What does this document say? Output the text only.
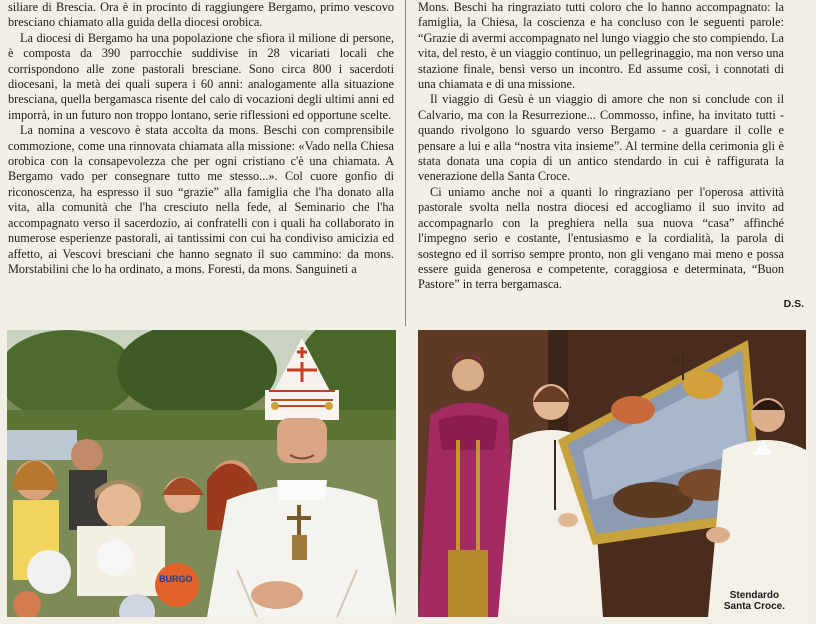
siliare di Brescia. Ora è in procinto di raggiungere Bergamo, primo vescovo bresciano chiamato alla guida della diocesi orobica.

La diocesi di Bergamo ha una popolazione che sfiora il milione di persone, è composta da 390 parrocchie suddivise in 28 vicariati locali che corrispondono alle zone pastorali bresciane. Sono circa 800 i sacerdoti diocesani, la metà dei quali supera i 60 anni: analogamente alla situazione bresciana, quella bergamasca risente del calo di vocazioni degli ultimi anni ed imporrà, in un futuro non troppo lontano, serie riflessioni ed opportune scelte.

La nomina a vescovo è stata accolta da mons. Beschi con comprensibile commozione, come una rinnovata chiamata alla missione: «Vado nella Chiesa orobica con la consapevolezza che per ogni cristiano c'è una chiamata. A Bergamo vado per consegnare tutto me stesso...». Col cuore gonfio di riconoscenza, ha espresso il suo “grazie” alla famiglia che l'ha donato alla vita, alla comunità che l'ha cresciuto nella fede, al Seminario che l'ha accompagnato verso il sacerdozio, ai confratelli con i quali ha collaborato in numerose esperienze pastorali, ai tantissimi con cui ha condiviso amicizia ed affetto, ai Vescovi bresciani che hanno segnato il suo cammino: da mons. Morstabilini che lo ha ordinato, a mons. Foresti, da mons. Sanguineti a

Mons. Beschi ha ringraziato tutti coloro che lo hanno accompagnato: la famiglia, la Chiesa, la coscienza e ha concluso con le seguenti parole: “Grazie di avermi accompagnato nel lungo viaggio che sto compiendo. La vita, del resto, è un viaggio continuo, un pellegrinaggio, ma non verso una stazione finale, bensì verso un incontro. Ed assume così, i connotati di una chiamata e di una missione.

Il viaggio di Gesù è un viaggio di amore che non si conclude con il Calvario, ma con la Resurrezione... Commosso, infine, ha invitato tutti - quando rivolgono lo sguardo verso Bergamo - a guardare il colle e pensare a lui e alla “nostra vita insieme”. Al termine della cerimonia gli è stata donata una copia di un antico stendardo in cui è raffigurata la venerazione della Santa Croce.

Ci uniamo anche noi a quanti lo ringraziano per l'operosa attività pastorale svolta nella nostra diocesi ed accogliamo il suo invito ad accompagnarlo con la preghiera nella sua nuova “casa” affinché l'impegno serio e costante, l'entusiasmo e la cordialità, la parola di sostegno ed il sorriso sempre pronto, non gli vengano mai meno e possa essere guida generosa e competente, coraggiosa e determinata, “Buon Pastore” in terra bergamasca.

D.S.
BURGO
Stendardo
Santa Croce.
